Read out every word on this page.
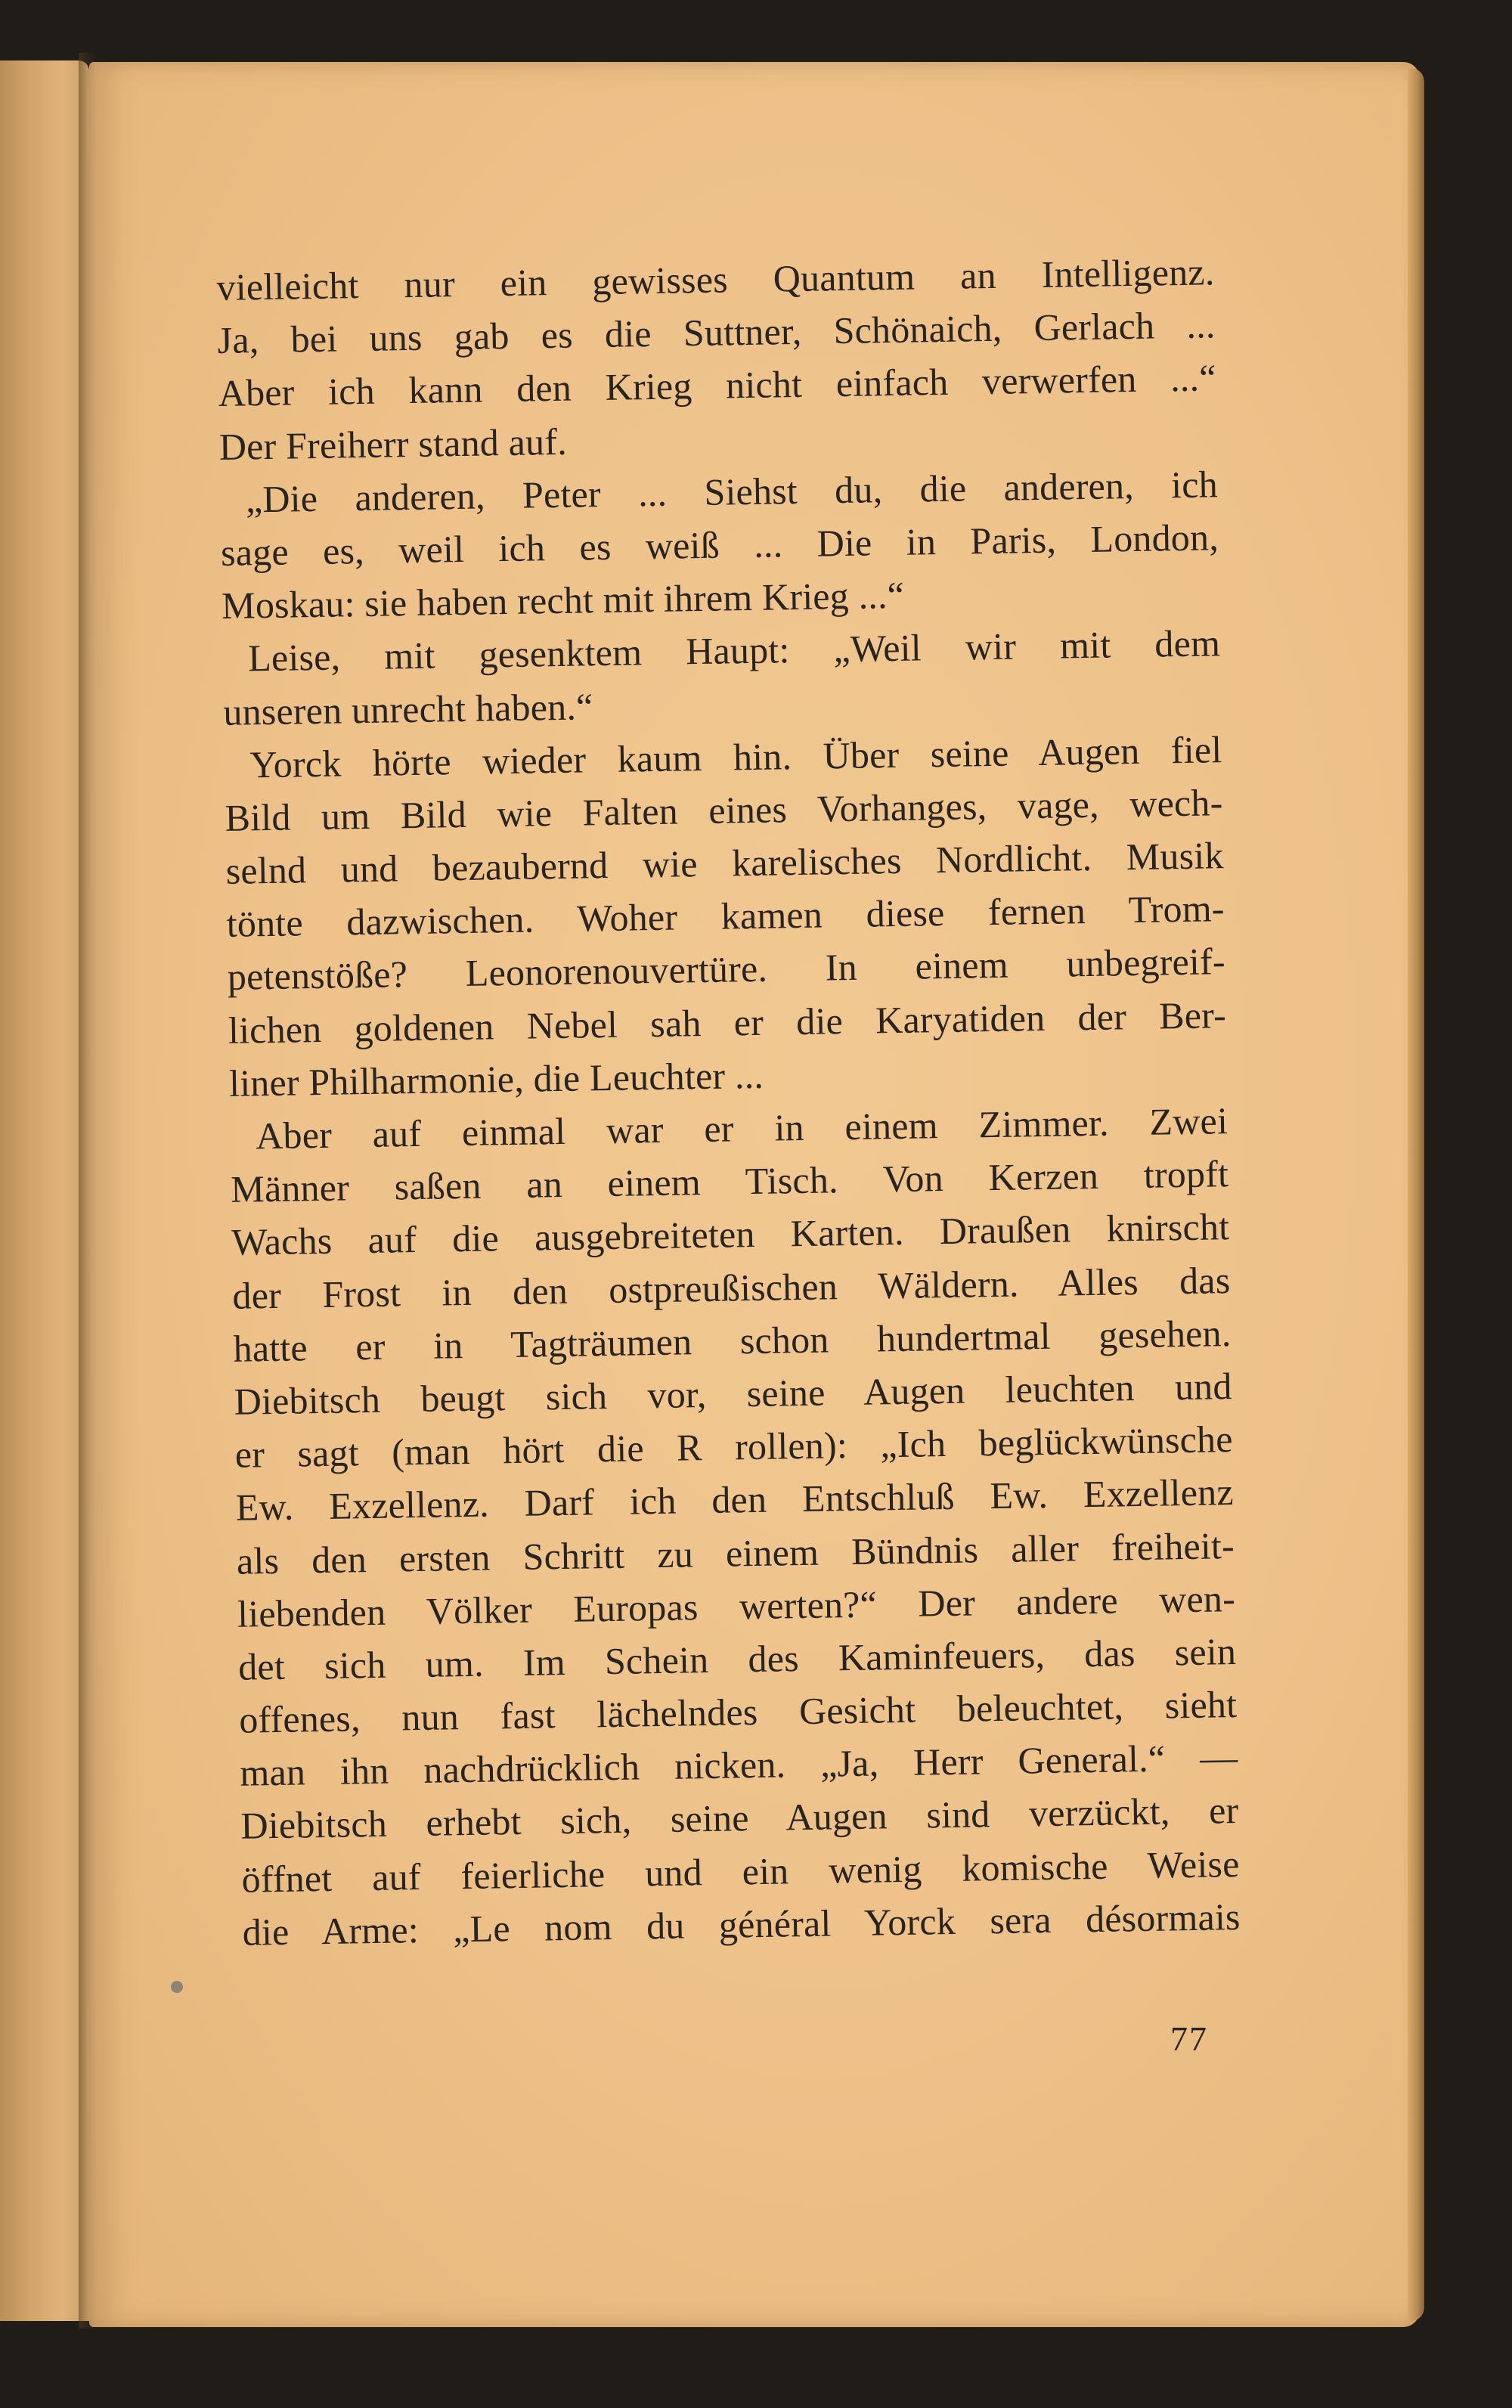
vielleicht nur ein gewisses Quantum an Intelligenz.
Ja, bei uns gab es die Suttner, Schönaich, Gerlach ...
Aber ich kann den Krieg nicht einfach verwerfen ...“
Der Freiherr stand auf.
„Die anderen, Peter ... Siehst du, die anderen, ich
sage es, weil ich es weiß ... Die in Paris, London,
Moskau: sie haben recht mit ihrem Krieg ...“
Leise, mit gesenktem Haupt: „Weil wir mit dem
unseren unrecht haben.“
Yorck hörte wieder kaum hin. Über seine Augen fiel
Bild um Bild wie Falten eines Vorhanges, vage, wech-
selnd und bezaubernd wie karelisches Nordlicht. Musik
tönte dazwischen. Woher kamen diese fernen Trom-
petenstöße? Leonorenouvertüre. In einem unbegreif-
lichen goldenen Nebel sah er die Karyatiden der Ber-
liner Philharmonie, die Leuchter ...
Aber auf einmal war er in einem Zimmer. Zwei
Männer saßen an einem Tisch. Von Kerzen tropft
Wachs auf die ausgebreiteten Karten. Draußen knirscht
der Frost in den ostpreußischen Wäldern. Alles das
hatte er in Tagträumen schon hundertmal gesehen.
Diebitsch beugt sich vor, seine Augen leuchten und
er sagt (man hört die R rollen): „Ich beglückwünsche
Ew. Exzellenz. Darf ich den Entschluß Ew. Exzellenz
als den ersten Schritt zu einem Bündnis aller freiheit-
liebenden Völker Europas werten?“ Der andere wen-
det sich um. Im Schein des Kaminfeuers, das sein
offenes, nun fast lächelndes Gesicht beleuchtet, sieht
man ihn nachdrücklich nicken. „Ja, Herr General.“ —
Diebitsch erhebt sich, seine Augen sind verzückt, er
öffnet auf feierliche und ein wenig komische Weise
die Arme: „Le nom du général Yorck sera désormais
77
